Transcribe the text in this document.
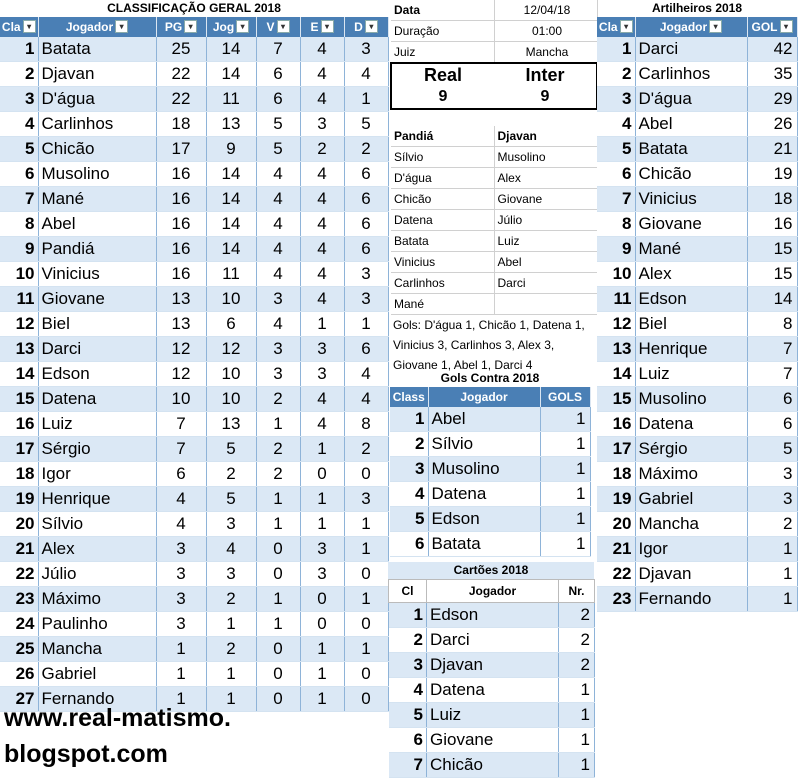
CLASSIFICAÇÃO GERAL 2018
Cla ▾	Jogador ▾	PG ▾	Jog ▾	V ▾	E ▾	D ▾
1	Batata	25	14	7	4	3
2	Djavan	22	14	6	4	4
3	D'água	22	11	6	4	1
4	Carlinhos	18	13	5	3	5
5	Chicão	17	9	5	2	2
6	Musolino	16	14	4	4	6
7	Mané	16	14	4	4	6
8	Abel	16	14	4	4	6
9	Pandiá	16	14	4	4	6
10	Vinicius	16	11	4	4	3
11	Giovane	13	10	3	4	3
12	Biel	13	6	4	1	1
13	Darci	12	12	3	3	6
14	Edson	12	10	3	3	4
15	Datena	10	10	2	4	4
16	Luiz	7	13	1	4	8
17	Sérgio	7	5	2	1	2
18	Igor	6	2	2	0	0
19	Henrique	4	5	1	1	3
20	Sílvio	4	3	1	1	1
21	Alex	3	4	0	3	1
22	Júlio	3	3	0	3	0
23	Máximo	3	2	1	0	1
24	Paulinho	3	1	1	0	0
25	Mancha	1	2	0	1	1
26	Gabriel	1	1	0	1	0
27	Fernando	1	1	0	1	0
Data	12/04/18
Duração	01:00
Juiz	Mancha
Real	Inter
9	9

Pandiá	Djavan
Sílvio	Musolino
D'água	Alex
Chicão	Giovane
Datena	Júlio
Batata	Luiz
Vinicius	Abel
Carlinhos	Darci
Mané	
Gols: D'água 1, Chicão 1, Datena 1, Vinicius 3, Carlinhos 3, Alex 3, Giovane 1, Abel 1, Darci 4
Gols Contra 2018
Class	Jogador	GOLS
1	Abel	1
2	Sílvio	1
3	Musolino	1
4	Datena	1
5	Edson	1
6	Batata	1
Cartões 2018
Cl	Jogador	Nr.
1	Edson	2
2	Darci	2
3	Djavan	2
4	Datena	1
5	Luiz	1
6	Giovane	1
7	Chicão	1
Artilheiros 2018
Cla ▾	Jogador ▾	GOL ▾
1	Darci	42
2	Carlinhos	35
3	D'água	29
4	Abel	26
5	Batata	21
6	Chicão	19
7	Vinicius	18
8	Giovane	16
9	Mané	15
10	Alex	15
11	Edson	14
12	Biel	8
13	Henrique	7
14	Luiz	7
15	Musolino	6
16	Datena	6
17	Sérgio	5
18	Máximo	3
19	Gabriel	3
20	Mancha	2
21	Igor	1
22	Djavan	1
23	Fernando	1
www.real-matismo.
blogspot.com
